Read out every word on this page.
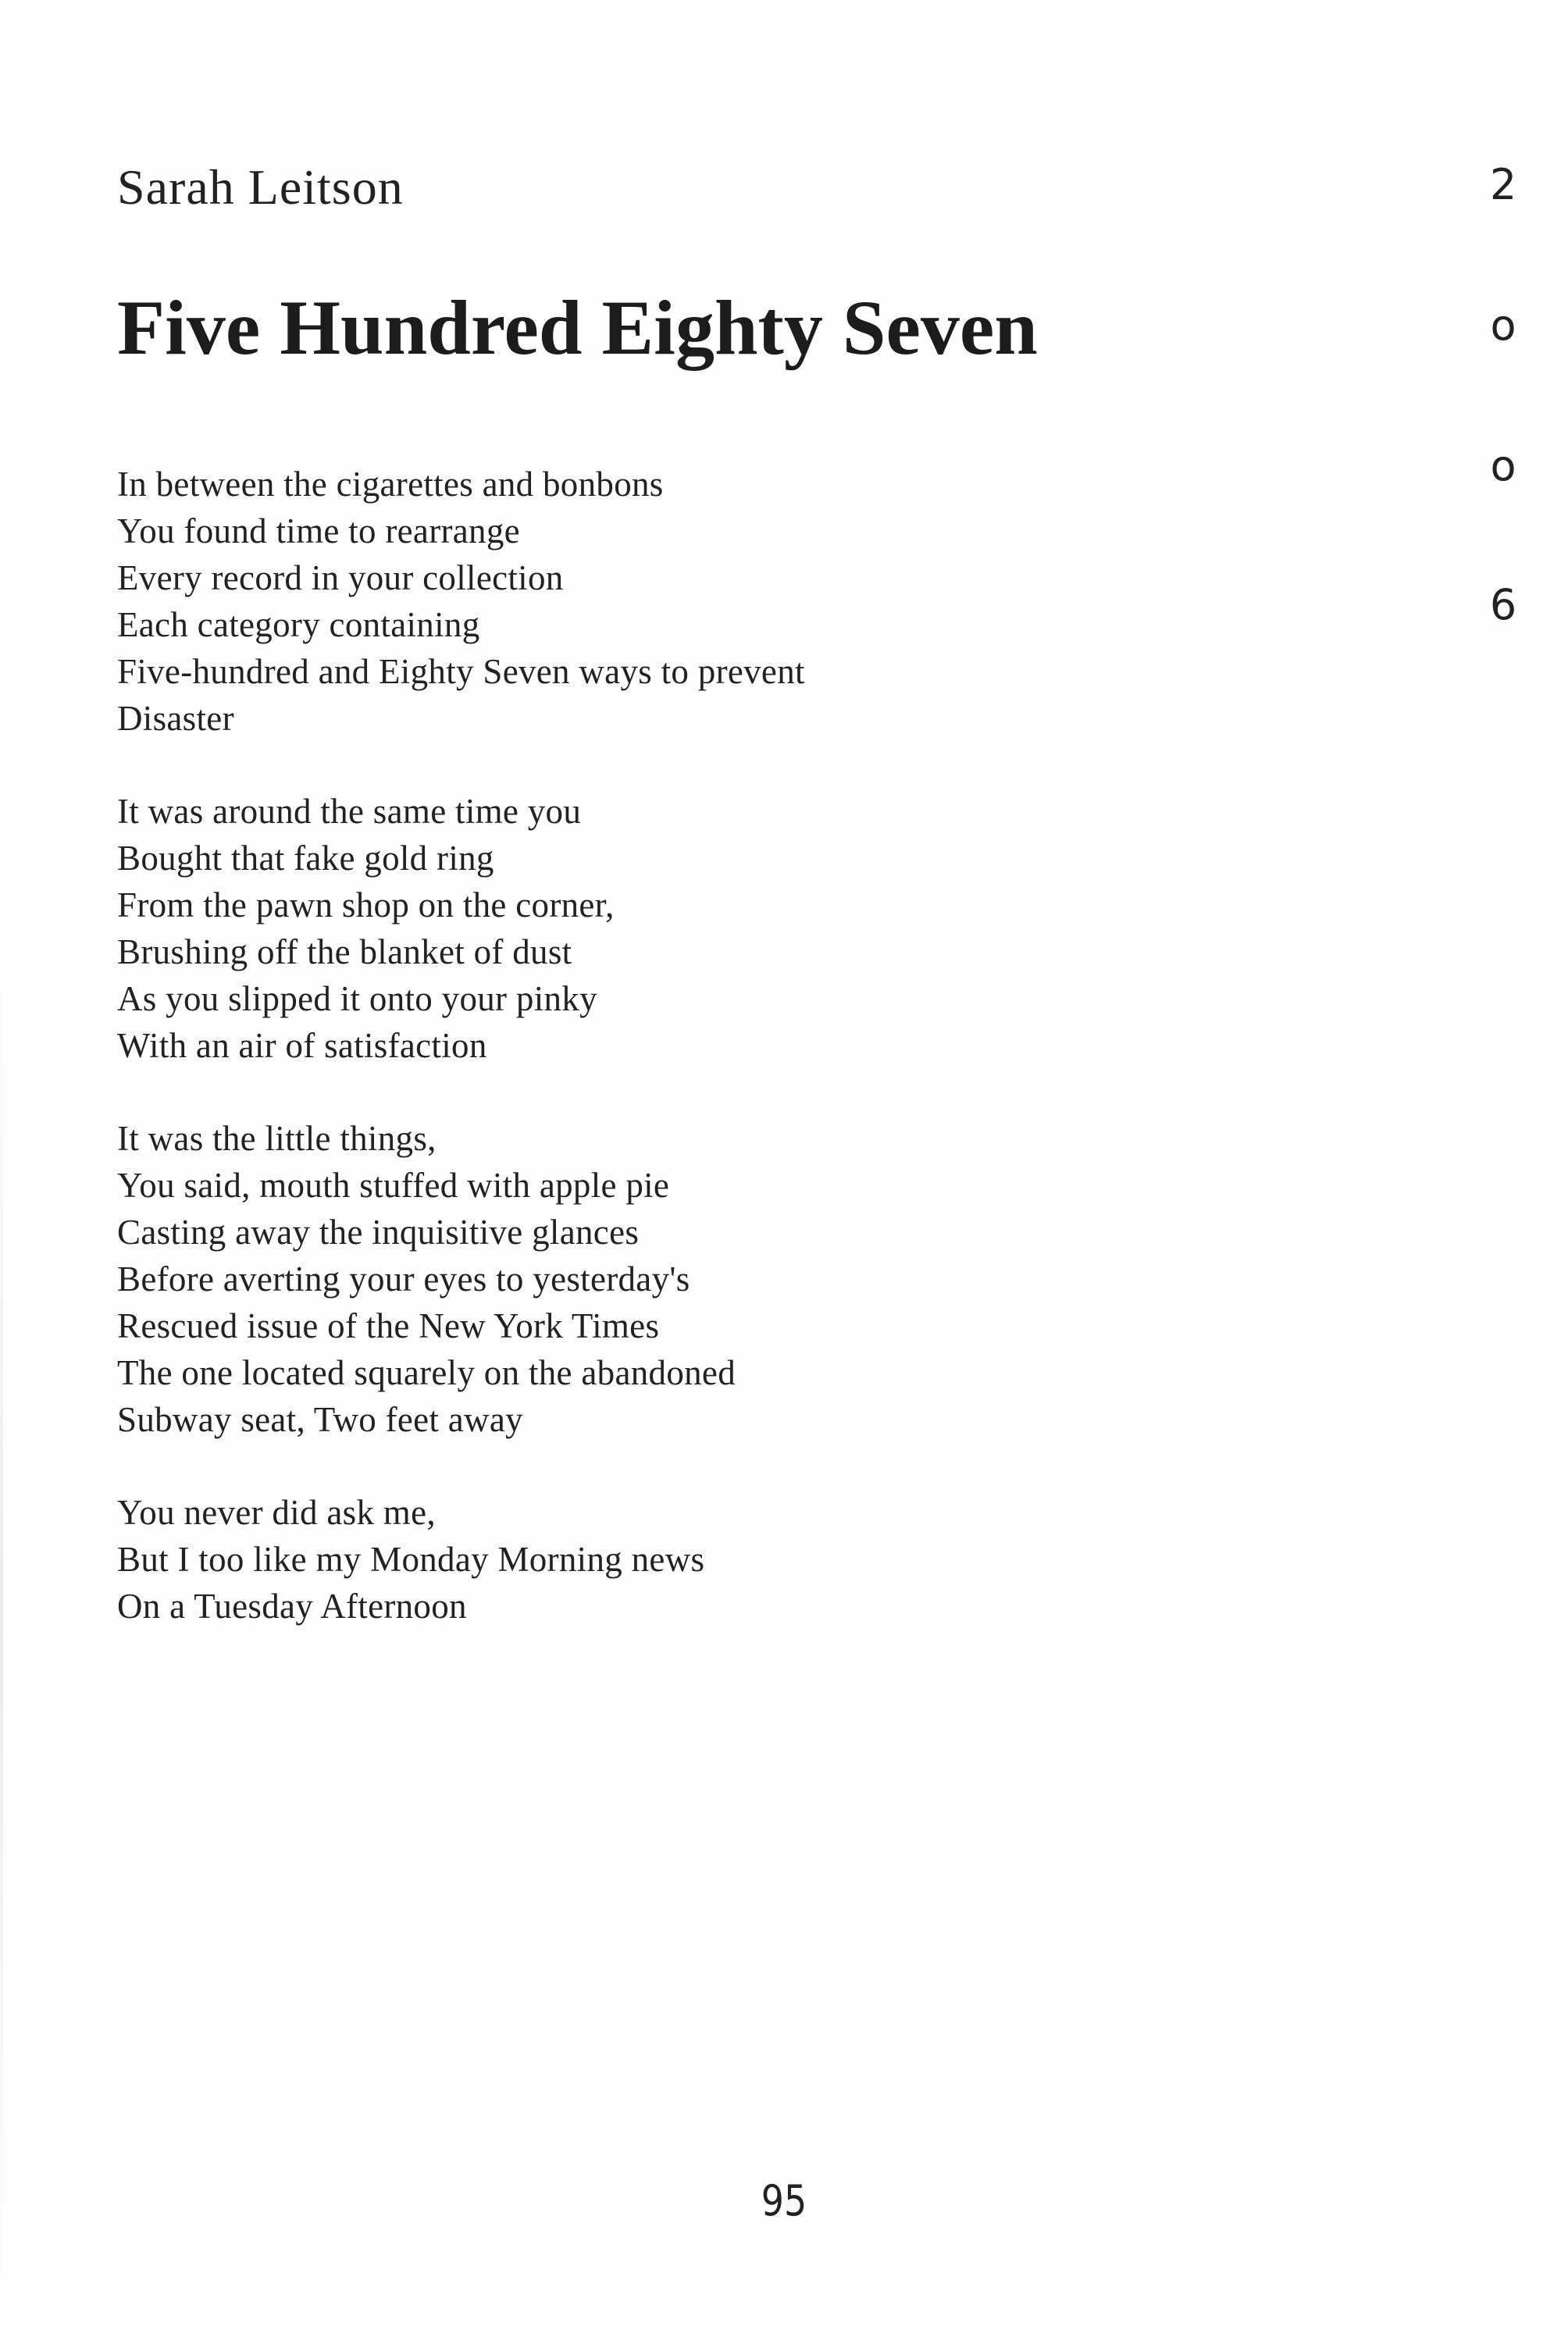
Sarah Leitson
Five Hundred Eighty Seven
2
o
o
6
In between the cigarettes and bonbons
You found time to rearrange
Every record in your collection
Each category containing
Five-hundred and Eighty Seven ways to prevent
Disaster
It was around the same time you
Bought that fake gold ring
From the pawn shop on the corner,
Brushing off the blanket of dust
As you slipped it onto your pinky
With an air of satisfaction
It was the little things,
You said, mouth stuffed with apple pie
Casting away the inquisitive glances
Before averting your eyes to yesterday's
Rescued issue of the New York Times
The one located squarely on the abandoned
Subway seat, Two feet away
You never did ask me,
But I too like my Monday Morning news
On a Tuesday Afternoon
95
